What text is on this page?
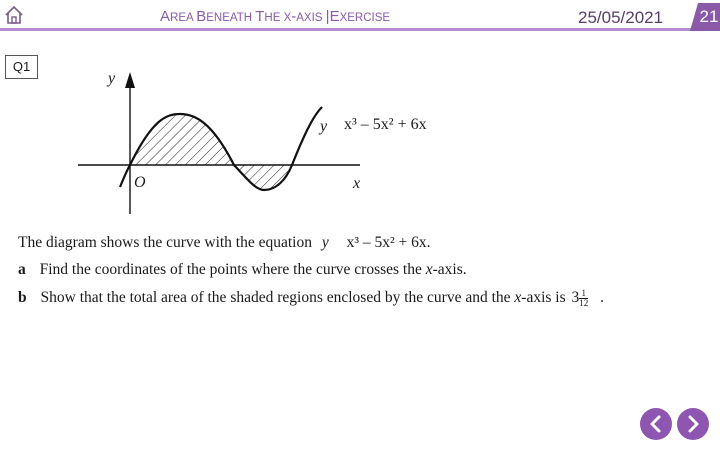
AREA BENEATH THE X-AXIS |EXERCISE	25/05/2021	21
Q1
y
x
O
y x³ – 5x² + 6x
The diagram shows the curve with the equation y x³ – 5x² + 6x.
a Find the coordinates of the points where the curve crosses the x-axis.
b Show that the total area of the shaded regions enclosed by the curve and the x-axis is $3 \frac{1}{12}$ .
